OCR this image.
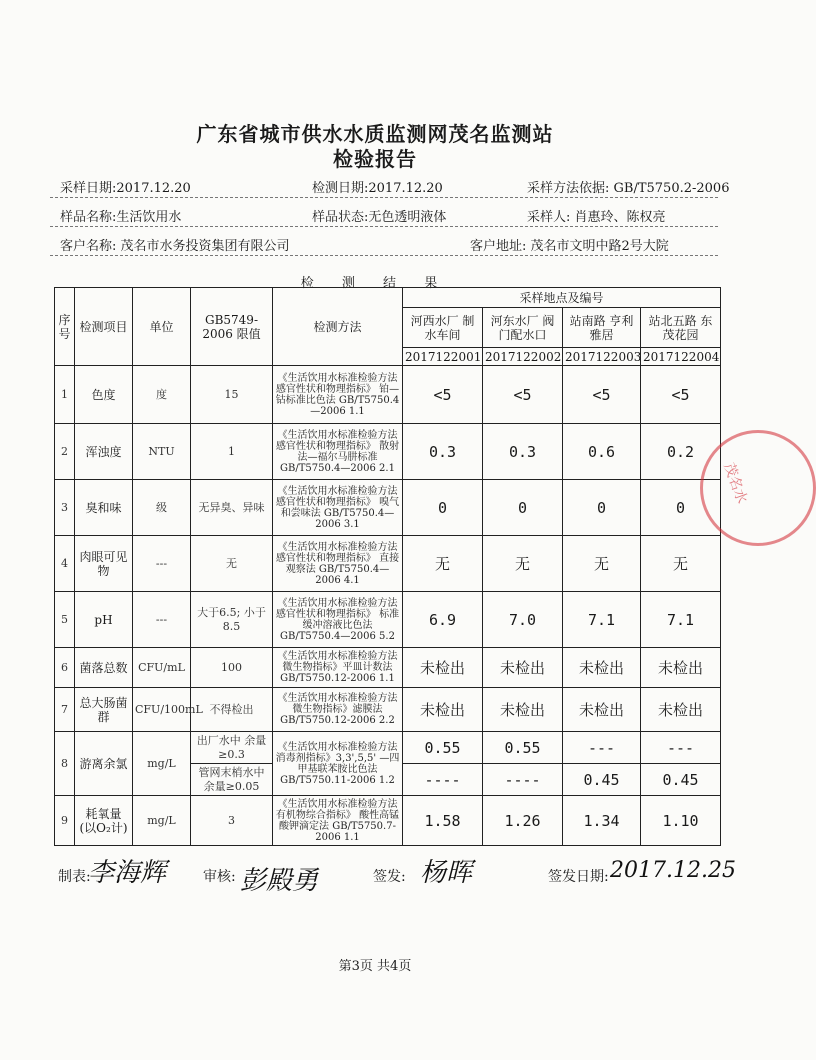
广东省城市供水水质监测网茂名监测站
检验报告
采样日期:2017.12.20	检测日期:2017.12.20	采样方法依据: GB/T5750.2-2006
样品名称:生活饮用水	样品状态:无色透明液体	采样人: 肖惠玲、陈权亮
客户名称: 茂名市水务投资集团有限公司	客户地址: 茂名市文明中路2号大院
检 测 结 果
序号	检测项目	单位	GB5749-2006 限值	检测方法	采样地点及编号			
					河西水厂 制水车间	河东水厂 阀门配水口	站南路 亨利雅居	站北五路 东茂花园
					2017122001	2017122002	2017122003	2017122004
1	色度	度	15	《生活饮用水标准检验方法 感官性状和物理指标》 铂—钴标准比色法 GB/T5750.4—2006 1.1	<5	<5	<5	<5
2	浑浊度	NTU	1	《生活饮用水标准检验方法 感官性状和物理指标》 散射法—福尔马肼标准 GB/T5750.4—2006 2.1	0.3	0.3	0.6	0.2
3	臭和味	级	无异臭、异味	《生活饮用水标准检验方法 感官性状和物理指标》 嗅气和尝味法 GB/T5750.4—2006 3.1	0	0	0	0
4	肉眼可见物	---	无	《生活饮用水标准检验方法 感官性状和物理指标》 直接观察法 GB/T5750.4—2006 4.1	无	无	无	无
5	pH	---	大于6.5; 小于8.5	《生活饮用水标准检验方法 感官性状和物理指标》 标准缓冲溶液比色法 GB/T5750.4—2006 5.2	6.9	7.0	7.1	7.1
6	菌落总数	CFU/mL	100	《生活饮用水标准检验方法 微生物指标》平皿计数法 GB/T5750.12-2006 1.1	未检出	未检出	未检出	未检出
7	总大肠菌群	CFU/100mL	不得检出	《生活饮用水标准检验方法 微生物指标》滤膜法 GB/T5750.12-2006 2.2	未检出	未检出	未检出	未检出
8	游离余氯	mg/L	出厂水中 余量≥0.3	《生活饮用水标准检验方法 消毒剂指标》3,3',5,5' —四甲基联苯胺比色法 GB/T5750.11-2006 1.2	0.55	0.55	---	---
			管网末梢水中 余量≥0.05		----	----	0.45	0.45
9	耗氧量 (以O₂计)	mg/L	3	《生活饮用水标准检验方法 有机物综合指标》 酸性高锰酸钾滴定法 GB/T5750.7-2006 1.1	1.58	1.26	1.34	1.10
制表:
李海辉	审核: 彭殿勇	签发: 杨晖	签发日期: 2017.12.25
第3页 共4页
茂名水
